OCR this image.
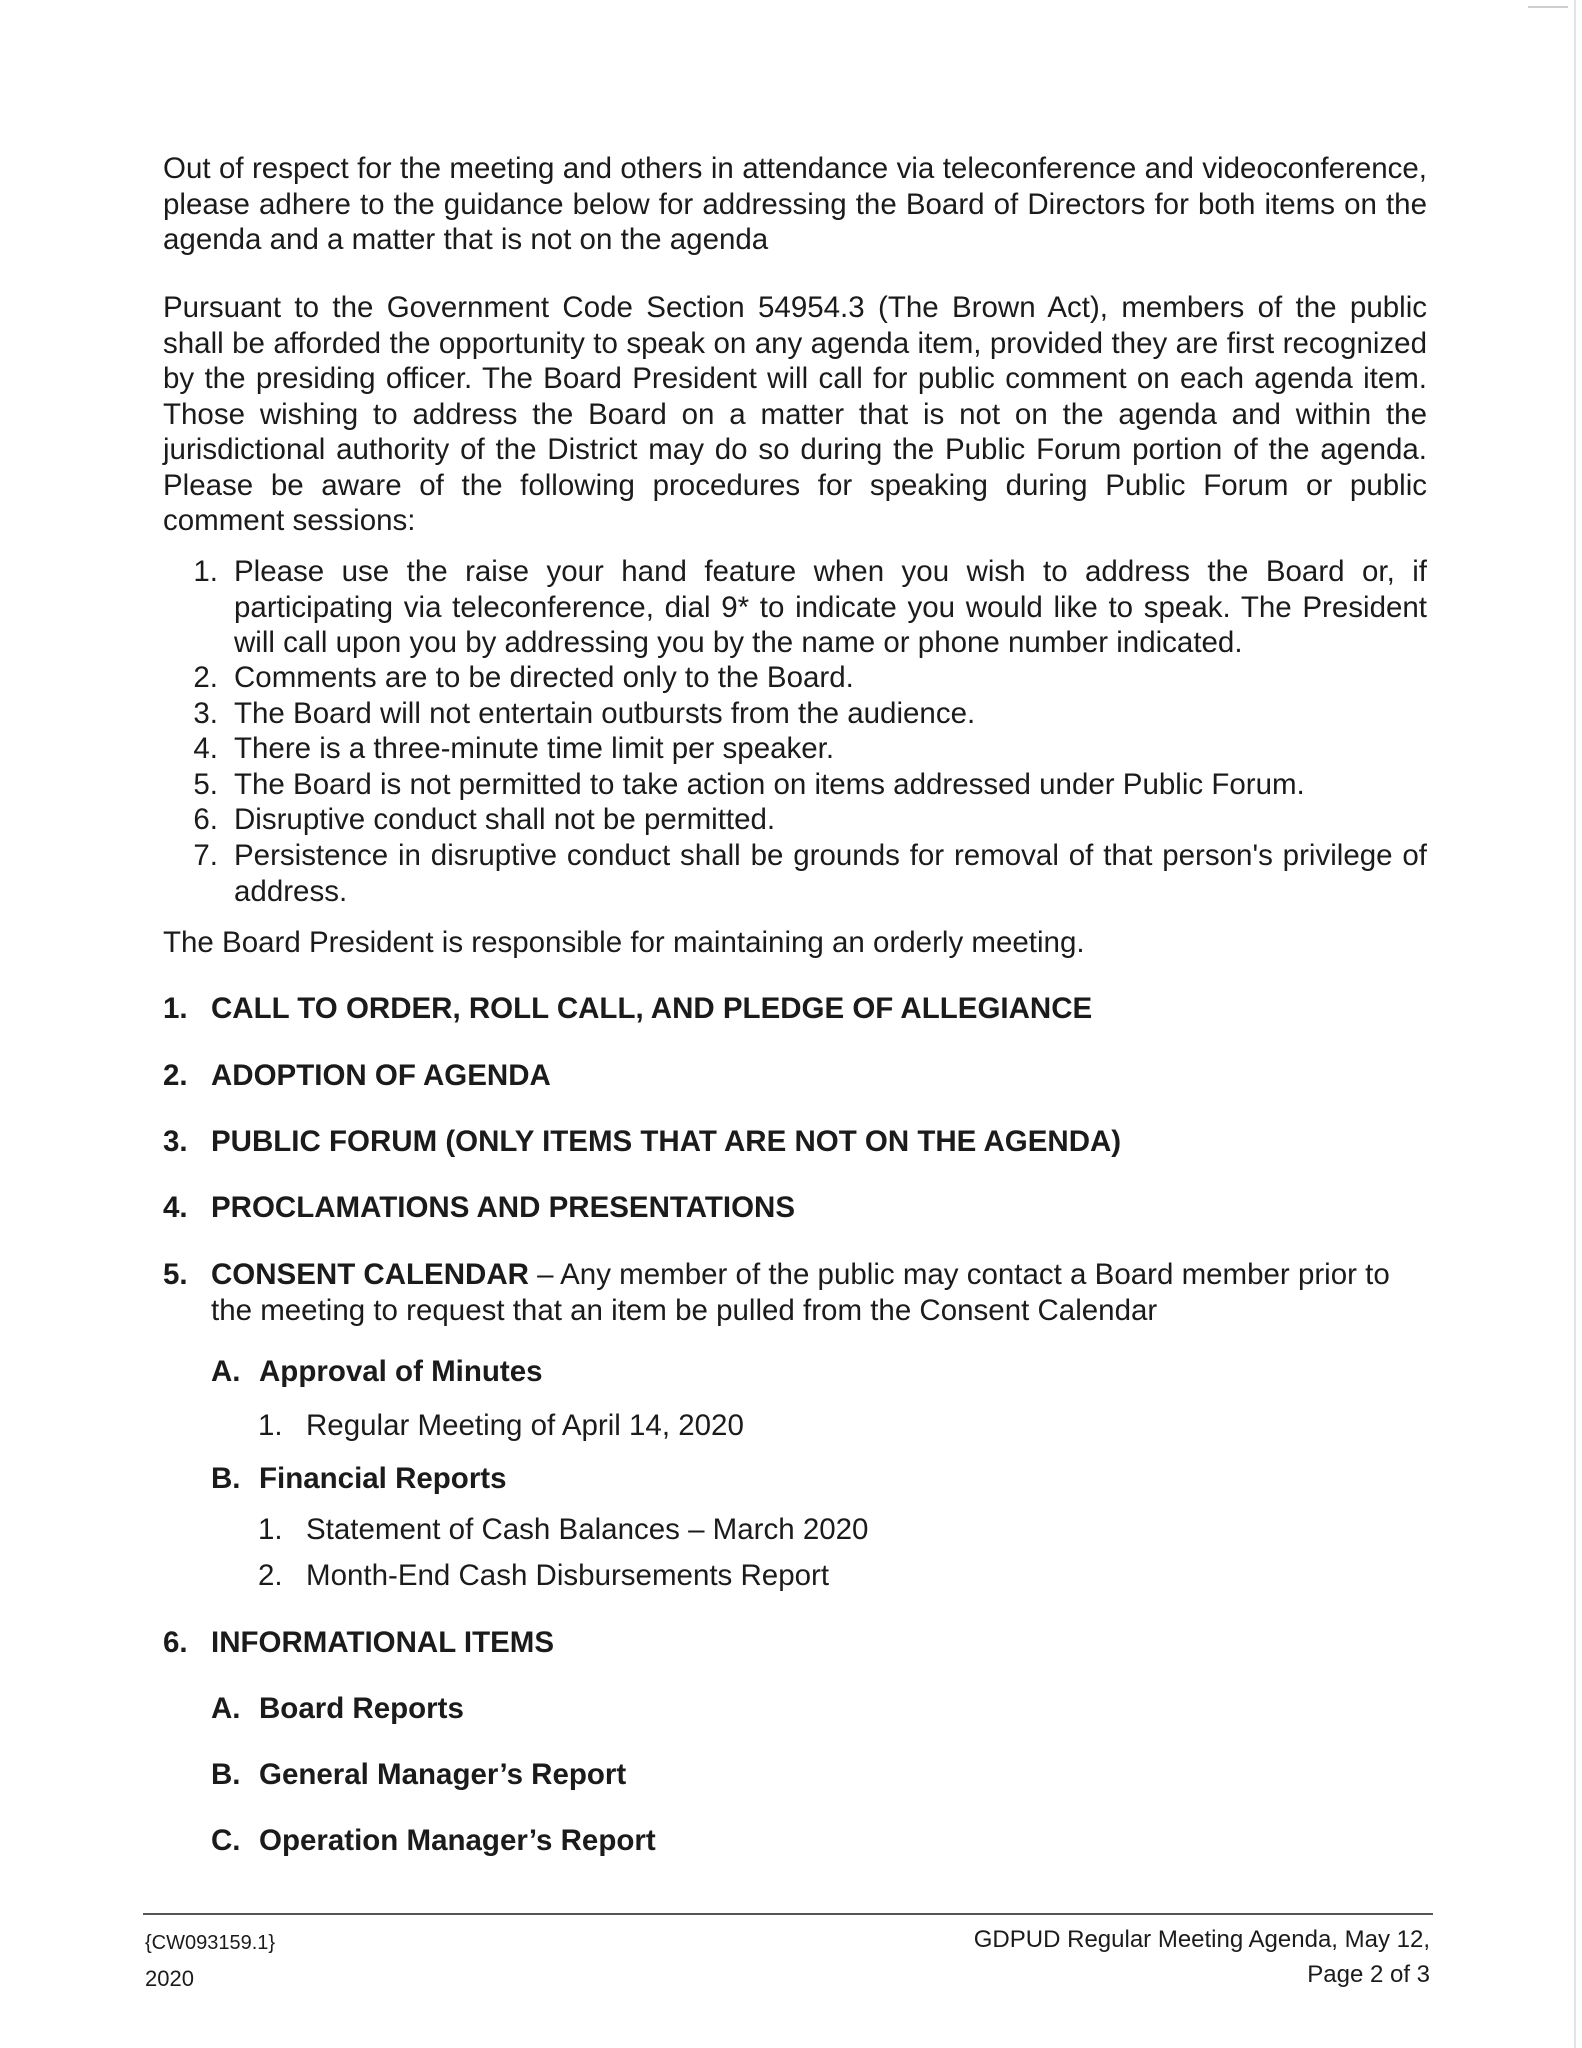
Out of respect for the meeting and others in attendance via teleconference and videoconference, please adhere to the guidance below for addressing the Board of Directors for both items on the agenda and a matter that is not on the agenda

Pursuant to the Government Code Section 54954.3 (The Brown Act), members of the public shall be afforded the opportunity to speak on any agenda item, provided they are first recognized by the presiding officer. The Board President will call for public comment on each agenda item. Those wishing to address the Board on a matter that is not on the agenda and within the jurisdictional authority of the District may do so during the Public Forum portion of the agenda. Please be aware of the following procedures for speaking during Public Forum or public comment sessions:

1. Please use the raise your hand feature when you wish to address the Board or, if participating via teleconference, dial 9* to indicate you would like to speak. The President will call upon you by addressing you by the name or phone number indicated.
2. Comments are to be directed only to the Board.
3. The Board will not entertain outbursts from the audience.
4. There is a three-minute time limit per speaker.
5. The Board is not permitted to take action on items addressed under Public Forum.
6. Disruptive conduct shall not be permitted.
7. Persistence in disruptive conduct shall be grounds for removal of that person's privilege of address.

The Board President is responsible for maintaining an orderly meeting.

1. CALL TO ORDER, ROLL CALL, AND PLEDGE OF ALLEGIANCE
2. ADOPTION OF AGENDA
3. PUBLIC FORUM (ONLY ITEMS THAT ARE NOT ON THE AGENDA)
4. PROCLAMATIONS AND PRESENTATIONS
5. CONSENT CALENDAR – Any member of the public may contact a Board member prior to the meeting to request that an item be pulled from the Consent Calendar
A. Approval of Minutes
1. Regular Meeting of April 14, 2020
B. Financial Reports
1. Statement of Cash Balances – March 2020
2. Month-End Cash Disbursements Report
6. INFORMATIONAL ITEMS
A. Board Reports
B. General Manager’s Report
C. Operation Manager’s Report
{CW093159.1}
2020
GDPUD Regular Meeting Agenda, May 12,
Page 2 of 3
